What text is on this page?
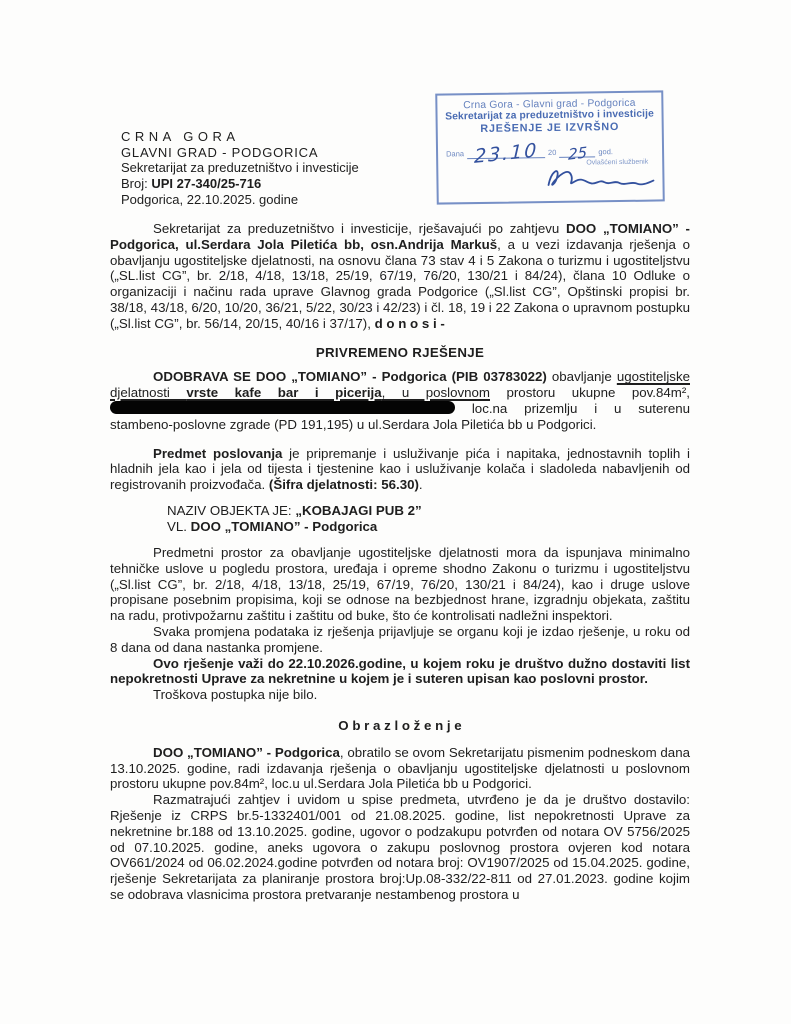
CRNA GORA
GLAVNI GRAD - PODGORICA
Sekretarijat za preduzetništvo i investicije
Broj: UPI 27-340/25-716
Podgorica, 22.10.2025. godine
Crna Gora - Glavni grad - Podgorica
Sekretarijat za preduzetništvo i investicije
RJEŠENJE JE IZVRŠNO
Dana 23.10	20 25	god.
Ovlašćeni službenik

Sekretarijat za preduzetništvo i investicije, rješavajući po zahtjevu DOO „TOMIANO” - Podgorica, ul.Serdara Jola Piletića bb, osn.Andrija Markuš, a u vezi izdavanja rješenja o obavljanju ugostiteljske djelatnosti, na osnovu člana 73 stav 4 i 5 Zakona o turizmu i ugostiteljstvu („SL.list CG”, br. 2/18, 4/18, 13/18, 25/19, 67/19, 76/20, 130/21 i 84/24), člana 10 Odluke o organizaciji i načinu rada uprave Glavnog grada Podgorice („Sl.list CG”, Opštinski propisi br. 38/18, 43/18, 6/20, 10/20, 36/21, 5/22, 30/23 i 42/23) i čl. 18, 19 i 22 Zakona o upravnom postupku („Sl.list CG”, br. 56/14, 20/15, 40/16 i 37/17), d o n o s i -

PRIVREMENO RJEŠENJE

ODOBRAVA SE DOO „TOMIANO” - Podgorica (PIB 03783022) obavljanje ugostiteljske djelatnosti vrste kafe bar i picerija, u poslovnom prostoru ukupne pov.84m²,  loc.na prizemlju i u suterenu stambeno-poslovne zgrade (PD 191,195) u ul.Serdara Jola Piletića bb u Podgorici.

Predmet poslovanja je pripremanje i usluživanje pića i napitaka, jednostavnih toplih i hladnih jela kao i jela od tijesta i tjestenine kao i usluživanje kolača i sladoleda nabavljenih od registrovanih proizvođača. (Šifra djelatnosti: 56.30).

NAZIV OBJEKTA JE: „KOBAJAGI PUB 2”
VL. DOO „TOMIANO” - Podgorica

Predmetni prostor za obavljanje ugostiteljske djelatnosti mora da ispunjava minimalno tehničke uslove u pogledu prostora, uređaja i opreme shodno Zakonu o turizmu i ugostiteljstvu („Sl.list CG”, br. 2/18, 4/18, 13/18, 25/19, 67/19, 76/20, 130/21 i 84/24), kao i druge uslove propisane posebnim propisima, koji se odnose na bezbjednost hrane, izgradnju objekata, zaštitu na radu, protivpožarnu zaštitu i zaštitu od buke, što će kontrolisati nadležni inspektori.

Svaka promjena podataka iz rješenja prijavljuje se organu koji je izdao rješenje, u roku od 8 dana od dana nastanka promjene.

Ovo rješenje važi do 22.10.2026.godine, u kojem roku je društvo dužno dostaviti list nepokretnosti Uprave za nekretnine u kojem je i suteren upisan kao poslovni prostor.

Troškova postupka nije bilo.

O b r a z l o ž e n j e

DOO „TOMIANO” - Podgorica, obratilo se ovom Sekretarijatu pismenim podneskom dana 13.10.2025. godine, radi izdavanja rješenja o obavljanju ugostiteljske djelatnosti u poslovnom prostoru ukupne pov.84m², loc.u ul.Serdara Jola Piletića bb u Podgorici.

Razmatrajući zahtjev i uvidom u spise predmeta, utvrđeno je da je društvo dostavilo: Rješenje iz CRPS br.5-1332401/001 od 21.08.2025. godine, list nepokretnosti Uprave za nekretnine br.188 od 13.10.2025. godine, ugovor o podzakupu potvrđen od notara OV 5756/2025 od 07.10.2025. godine, aneks ugovora o zakupu poslovnog prostora ovjeren kod notara OV661/2024 od 06.02.2024.godine potvrđen od notara broj: OV1907/2025 od 15.04.2025. godine, rješenje Sekretarijata za planiranje prostora broj:Up.08-332/22-811 od 27.01.2023. godine kojim se odobrava vlasnicima prostora pretvaranje nestambenog prostora u
